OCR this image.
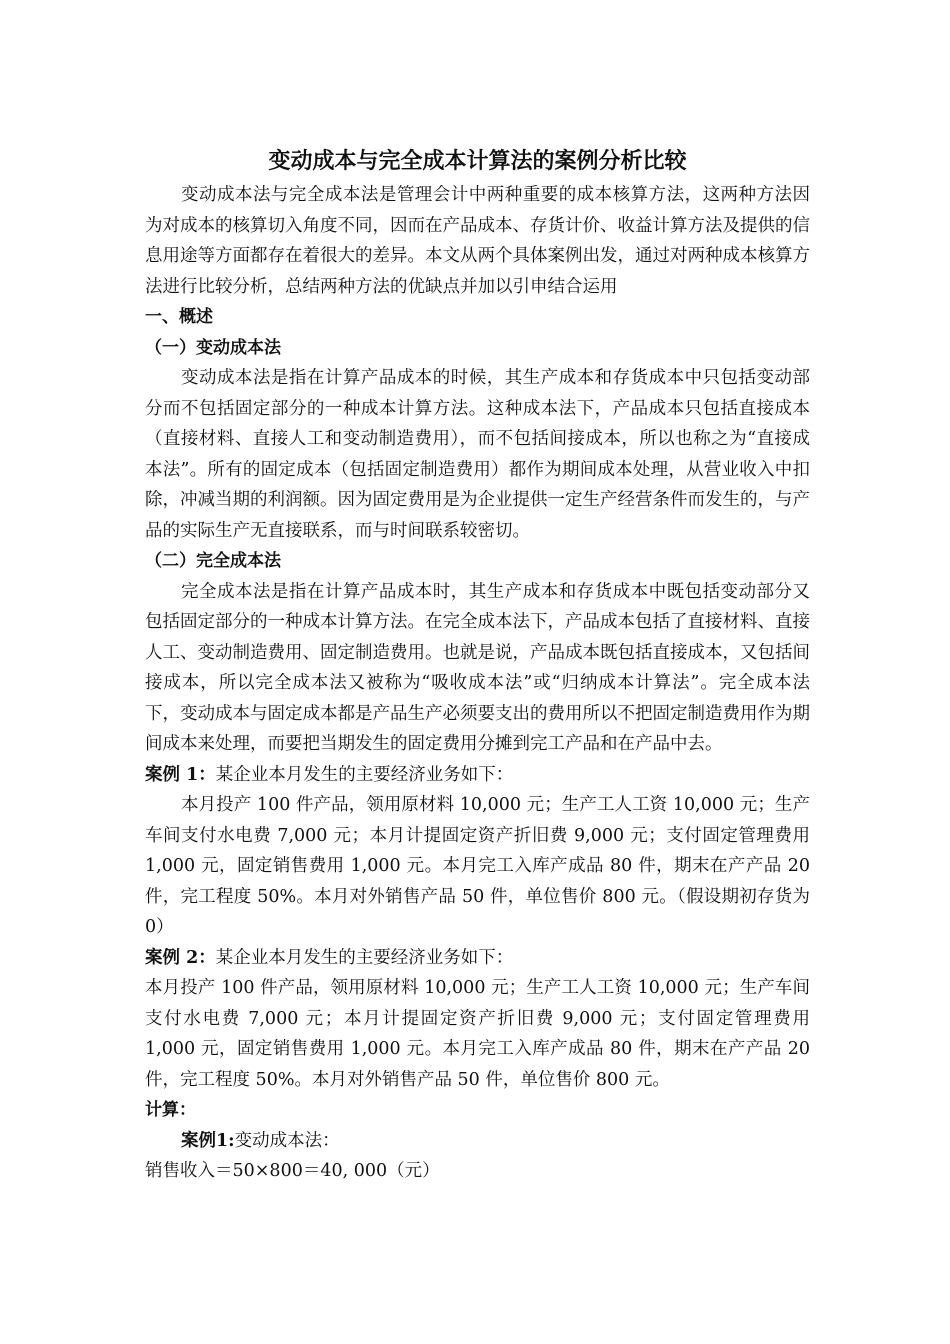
变动成本与完全成本计算法的案例分析比较

变动成本法与完全成本法是管理会计中两种重要的成本核算方法，这两种方法因为对成本的核算切入角度不同，因而在产品成本、存货计价、收益计算方法及提供的信息用途等方面都存在着很大的差异。本文从两个具体案例出发，通过对两种成本核算方法进行比较分析，总结两种方法的优缺点并加以引申结合运用

一、概述
（一）变动成本法

变动成本法是指在计算产品成本的时候，其生产成本和存货成本中只包括变动部分而不包括固定部分的一种成本计算方法。这种成本法下，产品成本只包括直接成本（直接材料、直接人工和变动制造费用），而不包括间接成本，所以也称之为“直接成本法”。所有的固定成本（包括固定制造费用）都作为期间成本处理，从营业收入中扣除，冲减当期的利润额。因为固定费用是为企业提供一定生产经营条件而发生的，与产品的实际生产无直接联系，而与时间联系较密切。

（二）完全成本法

完全成本法是指在计算产品成本时，其生产成本和存货成本中既包括变动部分又包括固定部分的一种成本计算方法。在完全成本法下，产品成本包括了直接材料、直接人工、变动制造费用、固定制造费用。也就是说，产品成本既包括直接成本，又包括间接成本，所以完全成本法又被称为“吸收成本法”或“归纳成本计算法”。完全成本法下，变动成本与固定成本都是产品生产必须要支出的费用所以不把固定制造费用作为期间成本来处理，而要把当期发生的固定费用分摊到完工产品和在产品中去。

案例 1：某企业本月发生的主要经济业务如下：

本月投产 100 件产品，领用原材料 10,000 元；生产工人工资 10,000 元；生产车间支付水电费 7,000 元；本月计提固定资产折旧费 9,000 元；支付固定管理费用 1,000 元，固定销售费用 1,000 元。本月完工入库产成品 80 件，期末在产产品 20 件，完工程度 50%。本月对外销售产品 50 件，单位售价 800 元。（假设期初存货为 0）

案例 2：某企业本月发生的主要经济业务如下：

本月投产 100 件产品，领用原材料 10,000 元；生产工人工资 10,000 元；生产车间支付水电费 7,000 元；本月计提固定资产折旧费 9,000 元；支付固定管理费用 1,000 元，固定销售费用 1,000 元。本月完工入库产成品 80 件，期末在产产品 20 件，完工程度 50%。本月对外销售产品 50 件，单位售价 800 元。

计算：

案例1:变动成本法：

销售收入＝50×800＝40, 000（元）
